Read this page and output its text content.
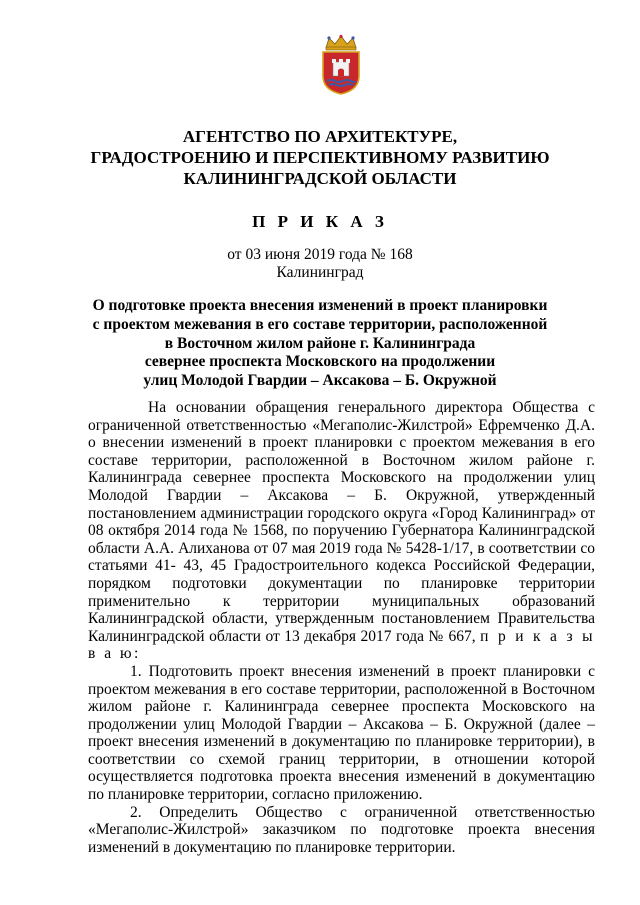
АГЕНТСТВО ПО АРХИТЕКТУРЕ,
ГРАДОСТРОЕНИЮ И ПЕРСПЕКТИВНОМУ РАЗВИТИЮ
КАЛИНИНГРАДСКОЙ ОБЛАСТИ
П Р И К А З
от 03 июня 2019 года № 168
Калининград
О подготовке проекта внесения изменений в проект планировки
с проектом межевания в его составе территории, расположенной
в Восточном жилом районе г. Калининграда
севернее проспекта Московского на продолжении
улиц Молодой Гвардии – Аксакова – Б. Окружной

На основании обращения генерального директора Общества с ограниченной ответственностью «Мегаполис-Жилстрой» Ефремченко Д.А. о внесении изменений в проект планировки с проектом межевания в его составе территории, расположенной в Восточном жилом районе г. Калининграда севернее проспекта Московского на продолжении улиц Молодой Гвардии – Аксакова – Б. Окружной, утвержденный постановлением администрации городского округа «Город Калининград» от 08 октября 2014 года № 1568, по поручению Губернатора Калининградской области А.А. Алиханова от 07 мая 2019 года № 5428-1/17, в соответствии со статьями 41- 43, 45 Градостроительного кодекса Российской Федерации, порядком подготовки документации по планировке территории применительно к территории муниципальных образований Калининградской области, утвержденным постановлением Правительства Калининградской области от 13 декабря 2017 года № 667, п р и к а з ы в а ю:

1. Подготовить проект внесения изменений в проект планировки с проектом межевания в его составе территории, расположенной в Восточном жилом районе г. Калининграда севернее проспекта Московского на продолжении улиц Молодой Гвардии – Аксакова – Б. Окружной (далее – проект внесения изменений в документацию по планировке территории), в соответствии со схемой границ территории, в отношении которой осуществляется подготовка проекта внесения изменений в документацию по планировке территории, согласно приложению.

2. Определить Общество с ограниченной ответственностью «Мегаполис-Жилстрой» заказчиком по подготовке проекта внесения изменений в документацию по планировке территории.
